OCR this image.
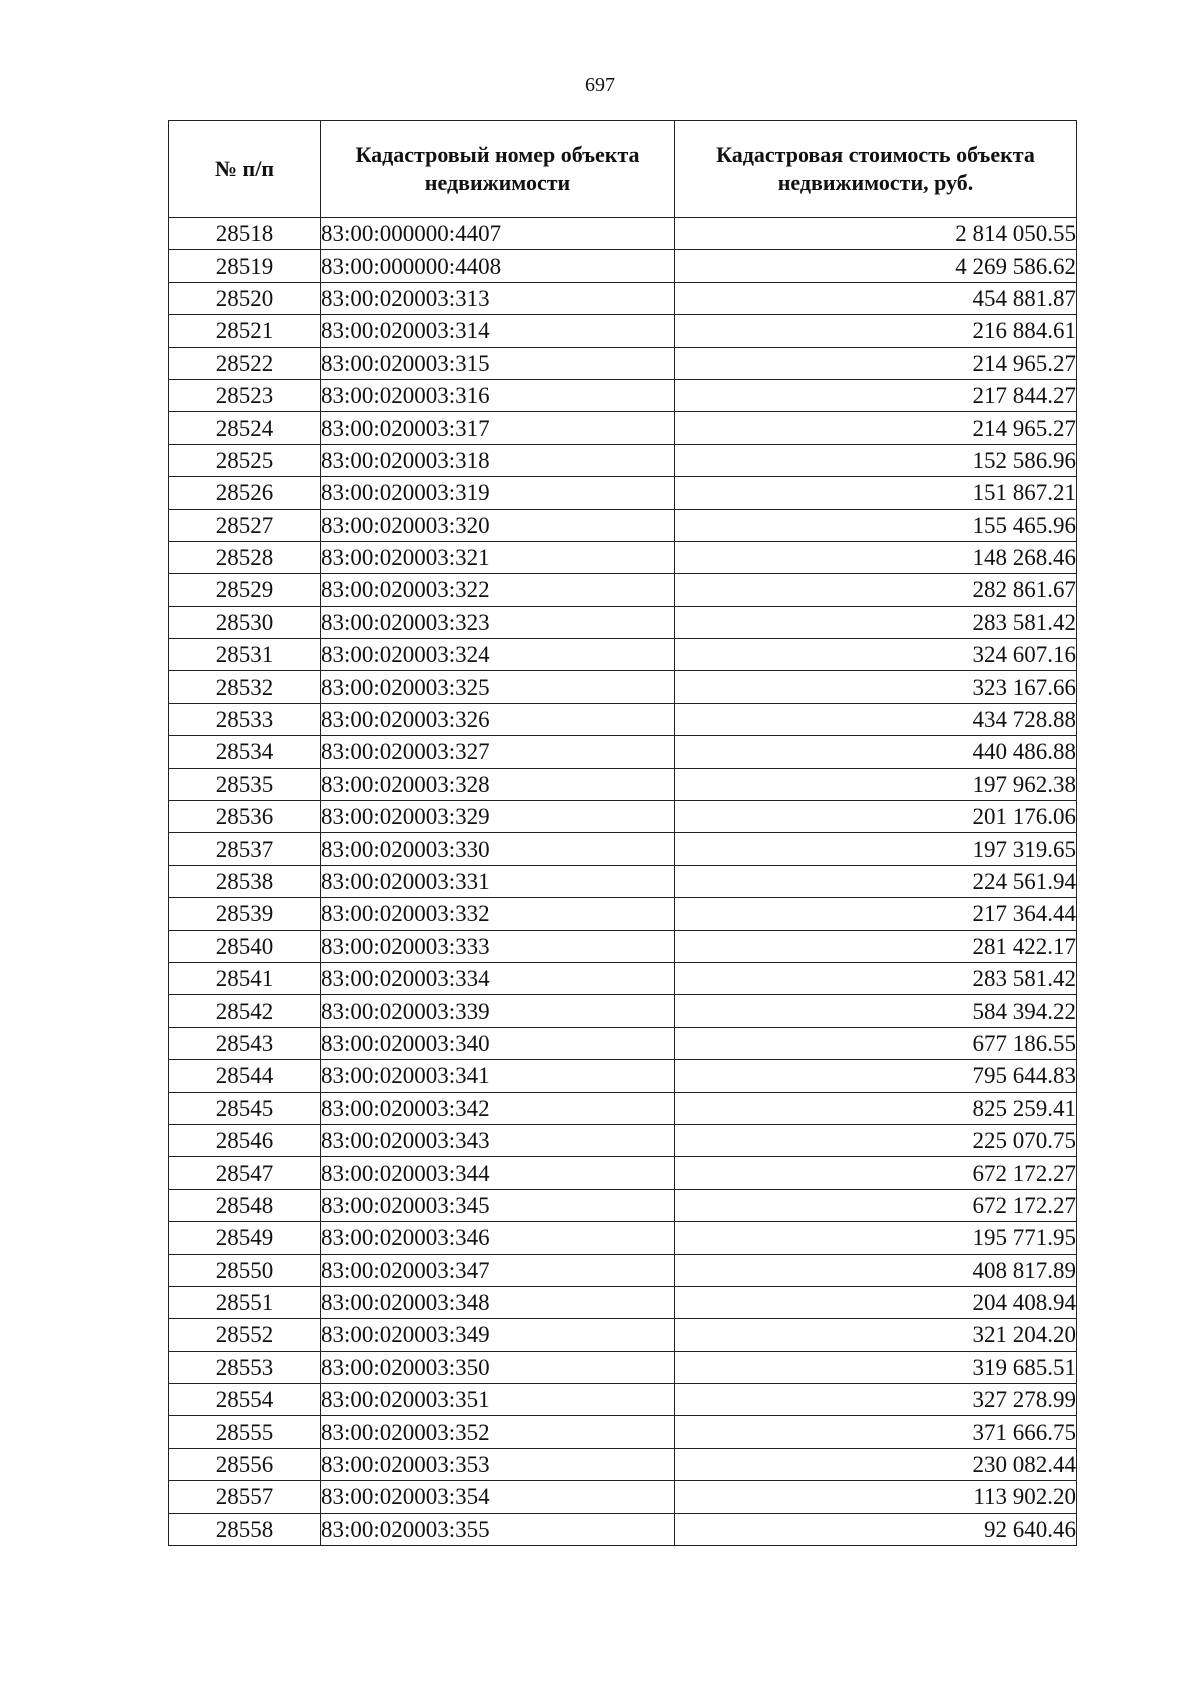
697
№ п/п	Кадастровый номер объекта недвижимости	Кадастровая стоимость объекта недвижимости, руб.
28518	83:00:000000:4407	2 814 050.55
28519	83:00:000000:4408	4 269 586.62
28520	83:00:020003:313	454 881.87
28521	83:00:020003:314	216 884.61
28522	83:00:020003:315	214 965.27
28523	83:00:020003:316	217 844.27
28524	83:00:020003:317	214 965.27
28525	83:00:020003:318	152 586.96
28526	83:00:020003:319	151 867.21
28527	83:00:020003:320	155 465.96
28528	83:00:020003:321	148 268.46
28529	83:00:020003:322	282 861.67
28530	83:00:020003:323	283 581.42
28531	83:00:020003:324	324 607.16
28532	83:00:020003:325	323 167.66
28533	83:00:020003:326	434 728.88
28534	83:00:020003:327	440 486.88
28535	83:00:020003:328	197 962.38
28536	83:00:020003:329	201 176.06
28537	83:00:020003:330	197 319.65
28538	83:00:020003:331	224 561.94
28539	83:00:020003:332	217 364.44
28540	83:00:020003:333	281 422.17
28541	83:00:020003:334	283 581.42
28542	83:00:020003:339	584 394.22
28543	83:00:020003:340	677 186.55
28544	83:00:020003:341	795 644.83
28545	83:00:020003:342	825 259.41
28546	83:00:020003:343	225 070.75
28547	83:00:020003:344	672 172.27
28548	83:00:020003:345	672 172.27
28549	83:00:020003:346	195 771.95
28550	83:00:020003:347	408 817.89
28551	83:00:020003:348	204 408.94
28552	83:00:020003:349	321 204.20
28553	83:00:020003:350	319 685.51
28554	83:00:020003:351	327 278.99
28555	83:00:020003:352	371 666.75
28556	83:00:020003:353	230 082.44
28557	83:00:020003:354	113 902.20
28558	83:00:020003:355	92 640.46
